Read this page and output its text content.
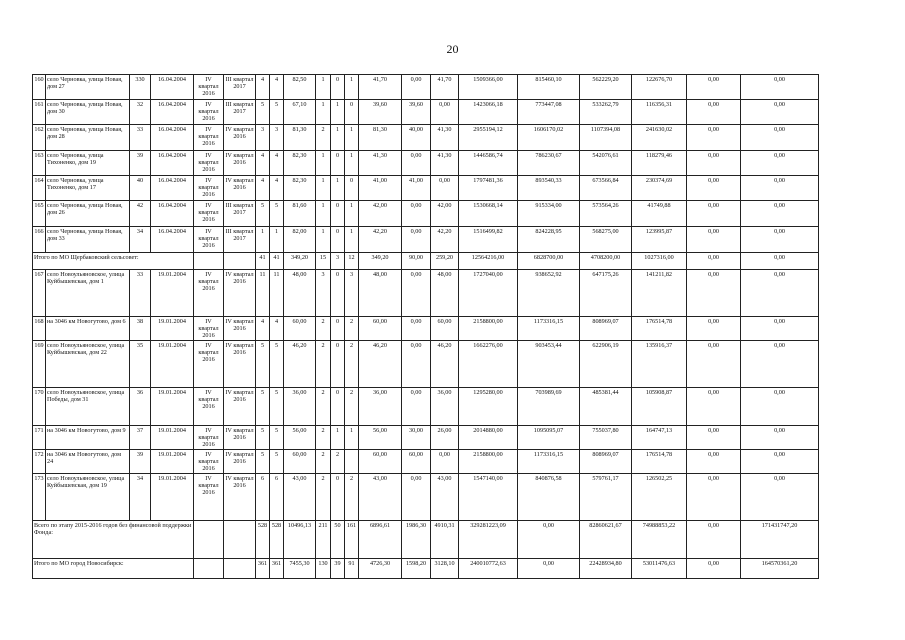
20
160	село Черновка, улица Новая, дом 27	330	16.04.2004	IV квартал 2016	III квартал 2017	4	4	82,50	1	0	1	41,70	0,00	41,70	1509366,00	815460,10	562229,20	122676,70	0,00	0,00
161	село Черновка, улица Новая, дом 30	32	16.04.2004	IV квартал 2016	III квартал 2017	5	5	67,10	1	1	0	39,60	39,60	0,00	1423066,18	773447,08	533262,79	116356,31	0,00	0,00
162	село Черновка, улица Новая, дом 28	33	16.04.2004	IV квартал 2016	IV квартал 2016	3	3	81,30	2	1	1	81,30	40,00	41,30	2955194,12	1606170,02	1107394,08	241630,02	0,00	0,00
163	село Черновка, улица Тихоненко, дом 19	39	16.04.2004	IV квартал 2016	IV квартал 2016	4	4	82,30	1	0	1	41,30	0,00	41,30	1446586,74	786230,67	542076,61	118279,46	0,00	0,00
164	село Черновка, улица Тихоненко, дом 17	40	16.04.2004	IV квартал 2016	IV квартал 2016	4	4	82,30	1	1	0	41,00	41,00	0,00	1797481,36	893540,33	673566,84	230374,69	0,00	0,00
165	село Черновка, улица Новая, дом 26	42	16.04.2004	IV квартал 2016	III квартал 2017	5	5	81,60	1	0	1	42,00	0,00	42,00	1530668,14	915334,00	573564,26	41749,88	0,00	0,00
166	село Черновка, улица Новая, дом 33	34	16.04.2004	IV квартал 2016	III квартал 2017	1	1	82,00	1	0	1	42,20	0,00	42,20	1516499,82	824228,95	568275,00	123995,87	0,00	0,00
Итого по МО Щербаковский сельсовет:						41	41	349,20	15	3	12	349,20	90,00	259,20	12564216,00	6828700,00	4708200,00	1027316,00	0,00	0,00
167	село Новоульяновское, улица Куйбышевская, дом 1	33	19.01.2004	IV квартал 2016	IV квартал 2016	11	11	48,00	3	0	3	48,00	0,00	48,00	1727040,00	938652,92	647175,26	141211,82	0,00	0,00
168	на 3046 км Новогутово, дом 6	38	19.01.2004	IV квартал 2016	IV квартал 2016	4	4	60,00	2	0	2	60,00	0,00	60,00	2158800,00	1173316,15	808969,07	176514,78	0,00	0,00
169	село Новоульяновское, улица Куйбышевская, дом 22	35	19.01.2004	IV квартал 2016	IV квартал 2016	5	5	46,20	2	0	2	46,20	0,00	46,20	1662276,00	903453,44	622906,19	135916,37	0,00	0,00
170	село Новоульяновское, улица Победы, дом 31	36	19.01.2004	IV квартал 2016	IV квартал 2016	5	5	36,00	2	0	2	36,00	0,00	36,00	1295280,00	703989,69	485381,44	105908,87	0,00	0,00
171	на 3046 км Новогутово, дом 9	37	19.01.2004	IV квартал 2016	IV квартал 2016	5	5	56,00	2	1	1	56,00	30,00	26,00	2014880,00	1095095,07	755037,80	164747,13	0,00	0,00
172	на 3046 км Новогутово, дом 24	39	19.01.2004	IV квартал 2016	IV квартал 2016	5	5	60,00	2	2		60,00	60,00	0,00	2158800,00	1173316,15	808969,07	176514,78	0,00	0,00
173	село Новоульяновское, улица Куйбышевская, дом 19	34	19.01.2004	IV квартал 2016	IV квартал 2016	6	6	43,00	2	0	2	43,00	0,00	43,00	1547140,00	840876,58	579761,17	126502,25	0,00	0,00
Всего по этапу 2015-2016 годов без финансовой поддержки Фонда:						528	528	10496,13	211	50	161	6896,61	1986,30	4910,31	329281223,09	0,00	82860621,67	74988853,22	0,00	171431747,20
Итого по МО город Новосибирск:						361	361	7455,30	130	39	91	4726,30	1598,20	3128,10	240010772,63	0,00	22428934,80	53011476,63	0,00	164570361,20
